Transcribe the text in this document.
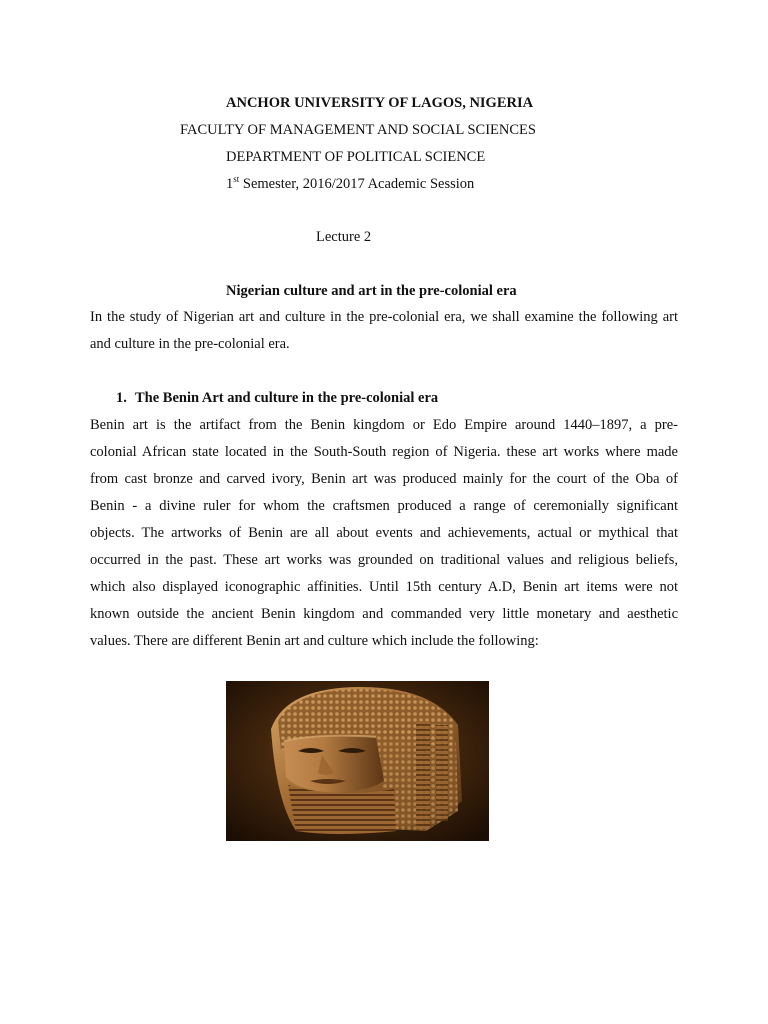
ANCHOR UNIVERSITY OF LAGOS, NIGERIA
FACULTY OF MANAGEMENT AND SOCIAL SCIENCES
DEPARTMENT OF POLITICAL SCIENCE
1st Semester, 2016/2017 Academic Session
Lecture 2
Nigerian culture and art in the pre-colonial era
In the study of Nigerian art and culture in the pre-colonial era, we shall examine the following art
and culture in the pre-colonial era.
1. The Benin Art and culture in the pre-colonial era
Benin art is the artifact from the Benin kingdom or Edo Empire around 1440–1897, a pre-
colonial African state located in the South-South region of Nigeria. these art works where made
from cast bronze and carved ivory, Benin art was produced mainly for the court of the Oba of
Benin - a divine ruler for whom the craftsmen produced a range of ceremonially significant
objects. The artworks of Benin are all about events and achievements, actual or mythical that
occurred in the past. These art works was grounded on traditional values and religious beliefs,
which also displayed iconographic affinities. Until 15th century A.D, Benin art items were not
known outside the ancient Benin kingdom and commanded very little monetary and aesthetic
values. There are different Benin art and culture which include the following:
